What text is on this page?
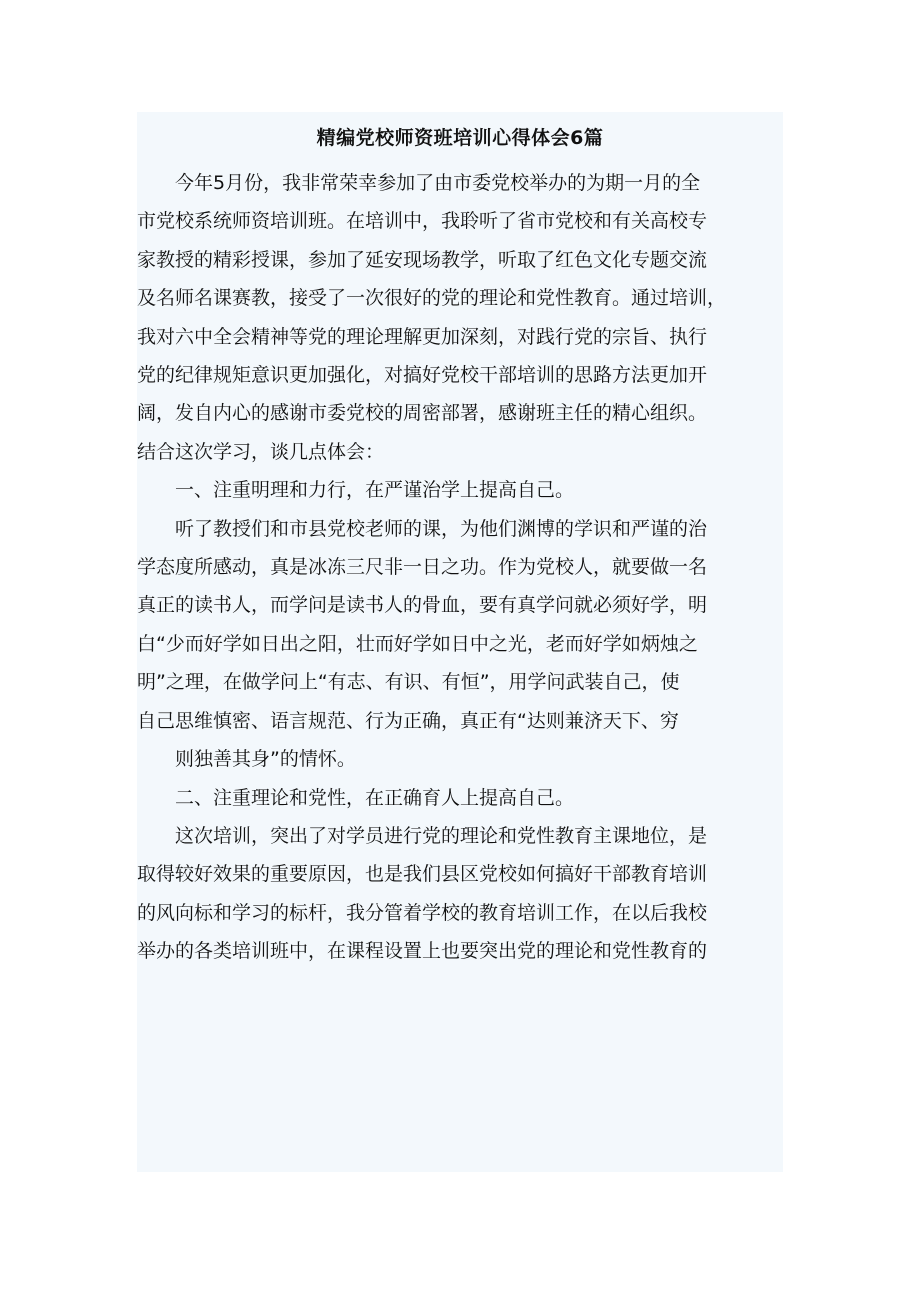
精编党校师资班培训心得体会6篇

今年5月份，我非常荣幸参加了由市委党校举办的为期一月的全

市党校系统师资培训班。在培训中，我聆听了省市党校和有关高校专

家教授的精彩授课，参加了延安现场教学，听取了红色文化专题交流

及名师名课赛教，接受了一次很好的党的理论和党性教育。通过培训，

我对六中全会精神等党的理论理解更加深刻，对践行党的宗旨、执行

党的纪律规矩意识更加强化，对搞好党校干部培训的思路方法更加开

阔，发自内心的感谢市委党校的周密部署，感谢班主任的精心组织。

结合这次学习，谈几点体会：

一、注重明理和力行，在严谨治学上提高自己。

听了教授们和市县党校老师的课，为他们渊博的学识和严谨的治

学态度所感动，真是冰冻三尺非一日之功。作为党校人，就要做一名

真正的读书人，而学问是读书人的骨血，要有真学问就必须好学，明

白“少而好学如日出之阳，壮而好学如日中之光，老而好学如炳烛之

明”之理，在做学问上“有志、有识、有恒”，用学问武装自己，使

自己思维慎密、语言规范、行为正确，真正有“达则兼济天下、穷

则独善其身”的情怀。

二、注重理论和党性，在正确育人上提高自己。

这次培训，突出了对学员进行党的理论和党性教育主课地位，是

取得较好效果的重要原因，也是我们县区党校如何搞好干部教育培训

的风向标和学习的标杆，我分管着学校的教育培训工作，在以后我校

举办的各类培训班中，在课程设置上也要突出党的理论和党性教育的
